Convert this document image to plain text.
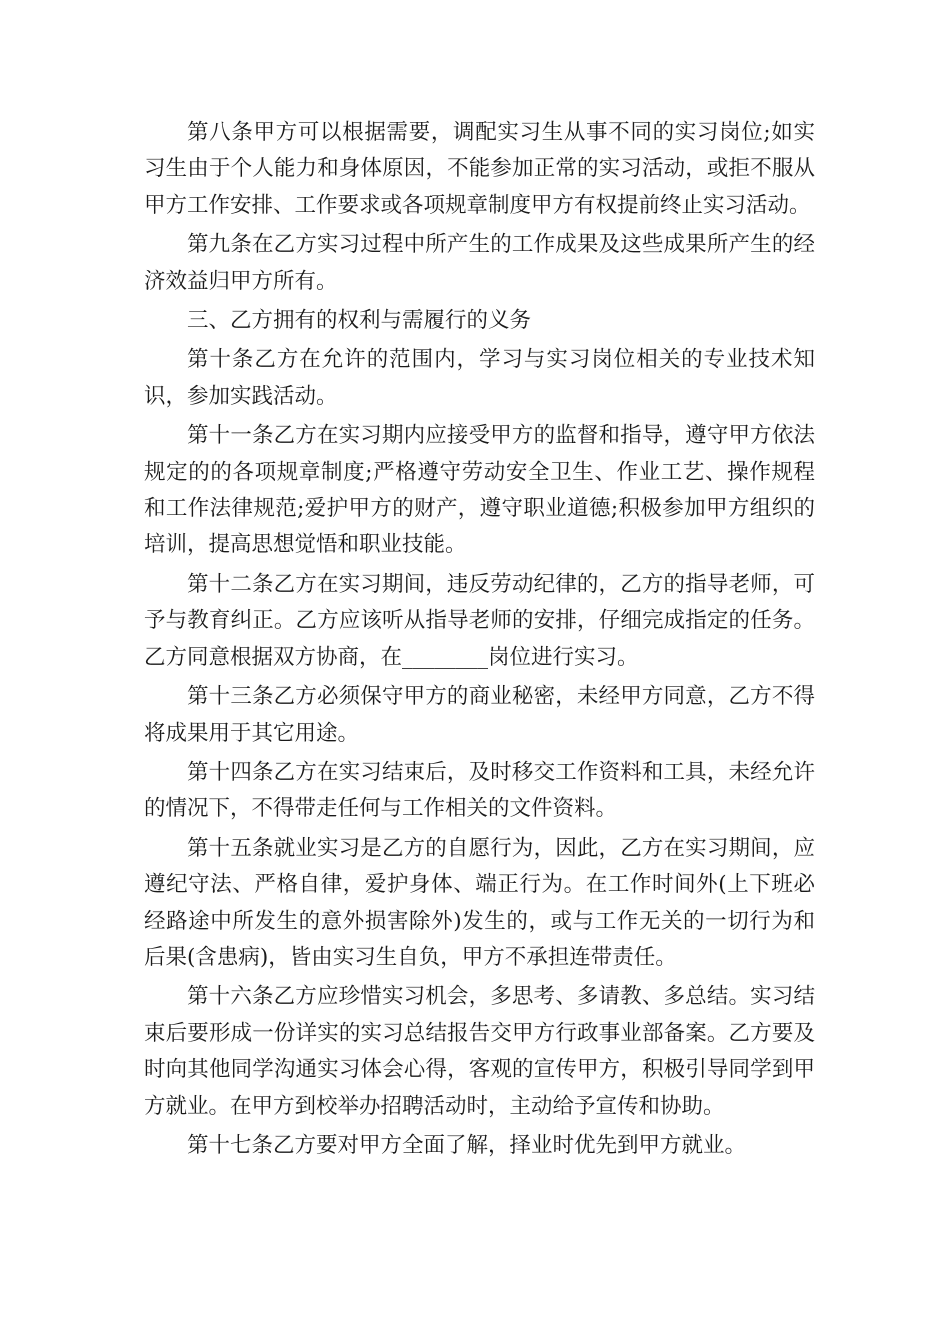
第八条甲方可以根据需要，调配实习生从事不同的实习岗位;如实习生由于个人能力和身体原因，不能参加正常的实习活动，或拒不服从甲方工作安排、工作要求或各项规章制度甲方有权提前终止实习活动。

第九条在乙方实习过程中所产生的工作成果及这些成果所产生的经济效益归甲方所有。

三、乙方拥有的权利与需履行的义务

第十条乙方在允许的范围内，学习与实习岗位相关的专业技术知识，参加实践活动。

第十一条乙方在实习期内应接受甲方的监督和指导，遵守甲方依法规定的的各项规章制度;严格遵守劳动安全卫生、作业工艺、操作规程和工作法律规范;爱护甲方的财产，遵守职业道德;积极参加甲方组织的培训，提高思想觉悟和职业技能。

第十二条乙方在实习期间，违反劳动纪律的，乙方的指导老师，可予与教育纠正。乙方应该听从指导老师的安排，仔细完成指定的任务。乙方同意根据双方协商，在________岗位进行实习。

第十三条乙方必须保守甲方的商业秘密，未经甲方同意，乙方不得将成果用于其它用途。

第十四条乙方在实习结束后，及时移交工作资料和工具，未经允许的情况下，不得带走任何与工作相关的文件资料。

第十五条就业实习是乙方的自愿行为，因此，乙方在实习期间，应遵纪守法、严格自律，爱护身体、端正行为。在工作时间外(上下班必经路途中所发生的意外损害除外)发生的，或与工作无关的一切行为和后果(含患病)，皆由实习生自负，甲方不承担连带责任。

第十六条乙方应珍惜实习机会，多思考、多请教、多总结。实习结束后要形成一份详实的实习总结报告交甲方行政事业部备案。乙方要及时向其他同学沟通实习体会心得，客观的宣传甲方，积极引导同学到甲方就业。在甲方到校举办招聘活动时，主动给予宣传和协助。

第十七条乙方要对甲方全面了解，择业时优先到甲方就业。
